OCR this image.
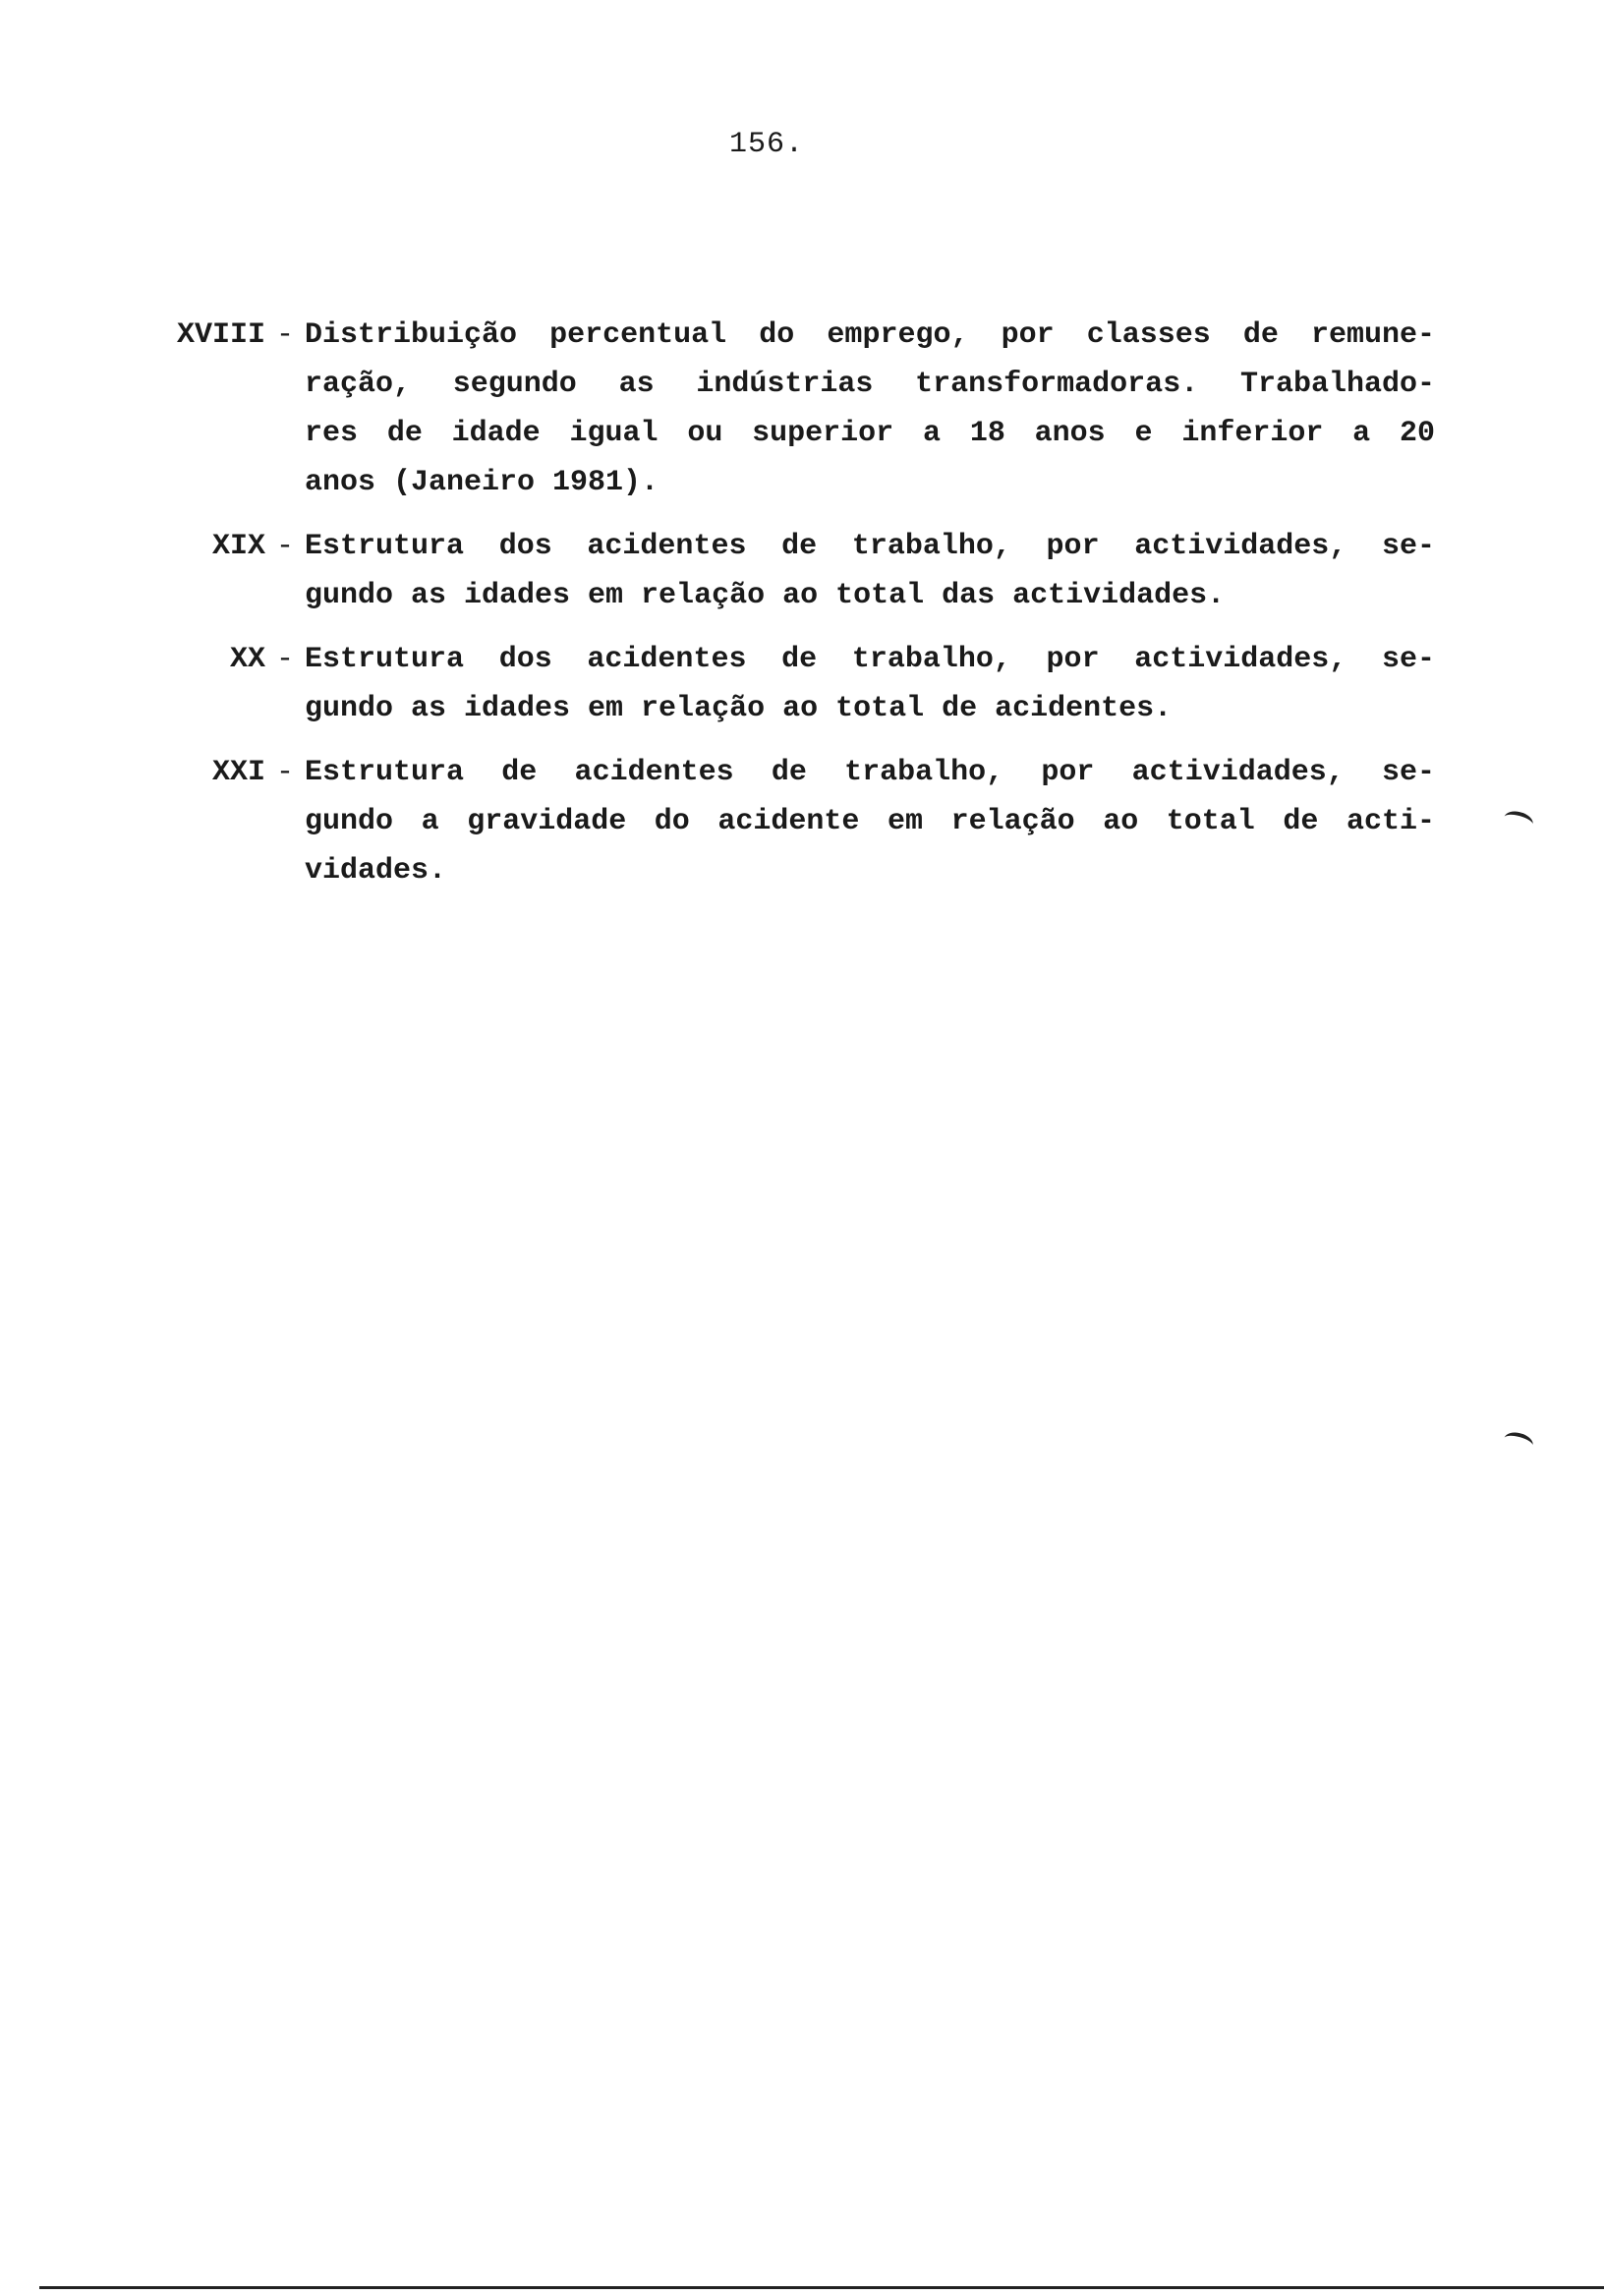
156.
XVIII - Distribuição percentual do emprego, por classes de remune-
ração, segundo as indústrias transformadoras. Trabalhado-
res de idade igual ou superior a 18 anos e inferior a 20
anos (Janeiro 1981).
XIX - Estrutura dos acidentes de trabalho, por actividades, se-
gundo as idades em relação ao total das actividades.
XX - Estrutura dos acidentes de trabalho, por actividades, se-
gundo as idades em relação ao total de acidentes.
XXI - Estrutura de acidentes de trabalho, por actividades, se-
gundo a gravidade do acidente em relação ao total de acti-
vidades.
